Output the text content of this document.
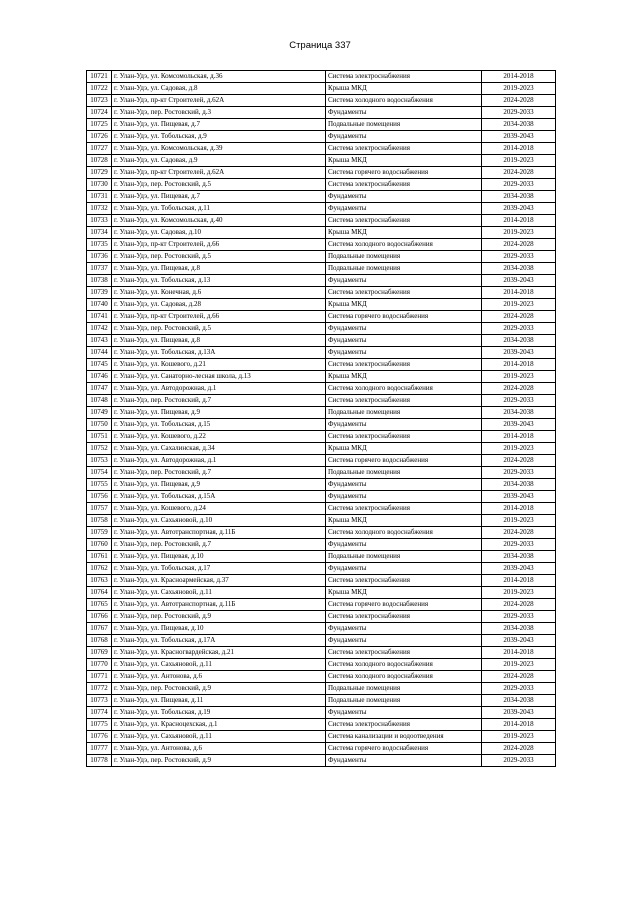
Страница 337
10721	г. Улан-Удэ, ул. Комсомольская, д.36	Система электроснабжения	2014-2018
10722	г. Улан-Удэ, ул. Садовая, д.8	Крыша МКД	2019-2023
10723	г. Улан-Удэ, пр-кт Строителей, д.62А	Система холодного водоснабжения	2024-2028
10724	г. Улан-Удэ, пер. Ростовский, д.3	Фундаменты	2029-2033
10725	г. Улан-Удэ, ул. Пищевая, д.7	Подвальные помещения	2034-2038
10726	г. Улан-Удэ, ул. Тобольская, д.9	Фундаменты	2039-2043
10727	г. Улан-Удэ, ул. Комсомольская, д.39	Система электроснабжения	2014-2018
10728	г. Улан-Удэ, ул. Садовая, д.9	Крыша МКД	2019-2023
10729	г. Улан-Удэ, пр-кт Строителей, д.62А	Система горячего водоснабжения	2024-2028
10730	г. Улан-Удэ, пер. Ростовский, д.5	Система электроснабжения	2029-2033
10731	г. Улан-Удэ, ул. Пищевая, д.7	Фундаменты	2034-2038
10732	г. Улан-Удэ, ул. Тобольская, д.11	Фундаменты	2039-2043
10733	г. Улан-Удэ, ул. Комсомольская, д.40	Система электроснабжения	2014-2018
10734	г. Улан-Удэ, ул. Садовая, д.10	Крыша МКД	2019-2023
10735	г. Улан-Удэ, пр-кт Строителей, д.66	Система холодного водоснабжения	2024-2028
10736	г. Улан-Удэ, пер. Ростовский, д.5	Подвальные помещения	2029-2033
10737	г. Улан-Удэ, ул. Пищевая, д.8	Подвальные помещения	2034-2038
10738	г. Улан-Удэ, ул. Тобольская, д.13	Фундаменты	2039-2043
10739	г. Улан-Удэ, ул. Конечная, д.6	Система электроснабжения	2014-2018
10740	г. Улан-Удэ, ул. Садовая, д.28	Крыша МКД	2019-2023
10741	г. Улан-Удэ, пр-кт Строителей, д.66	Система горячего водоснабжения	2024-2028
10742	г. Улан-Удэ, пер. Ростовский, д.5	Фундаменты	2029-2033
10743	г. Улан-Удэ, ул. Пищевая, д.8	Фундаменты	2034-2038
10744	г. Улан-Удэ, ул. Тобольская, д.13А	Фундаменты	2039-2043
10745	г. Улан-Удэ, ул. Кошевого, д.21	Система электроснабжения	2014-2018
10746	г. Улан-Удэ, ул. Санаторно-лесная школа, д.13	Крыша МКД	2019-2023
10747	г. Улан-Удэ, ул. Автодорожная, д.1	Система холодного водоснабжения	2024-2028
10748	г. Улан-Удэ, пер. Ростовский, д.7	Система электроснабжения	2029-2033
10749	г. Улан-Удэ, ул. Пищевая, д.9	Подвальные помещения	2034-2038
10750	г. Улан-Удэ, ул. Тобольская, д.15	Фундаменты	2039-2043
10751	г. Улан-Удэ, ул. Кошевого, д.22	Система электроснабжения	2014-2018
10752	г. Улан-Удэ, ул. Сахалинская, д.34	Крыша МКД	2019-2023
10753	г. Улан-Удэ, ул. Автодорожная, д.1	Система горячего водоснабжения	2024-2028
10754	г. Улан-Удэ, пер. Ростовский, д.7	Подвальные помещения	2029-2033
10755	г. Улан-Удэ, ул. Пищевая, д.9	Фундаменты	2034-2038
10756	г. Улан-Удэ, ул. Тобольская, д.15А	Фундаменты	2039-2043
10757	г. Улан-Удэ, ул. Кошевого, д.24	Система электроснабжения	2014-2018
10758	г. Улан-Удэ, ул. Сахьяновой, д.10	Крыша МКД	2019-2023
10759	г. Улан-Удэ, ул. Автотранспортная, д.11Б	Система холодного водоснабжения	2024-2028
10760	г. Улан-Удэ, пер. Ростовский, д.7	Фундаменты	2029-2033
10761	г. Улан-Удэ, ул. Пищевая, д.10	Подвальные помещения	2034-2038
10762	г. Улан-Удэ, ул. Тобольская, д.17	Фундаменты	2039-2043
10763	г. Улан-Удэ, ул. Красноармейская, д.37	Система электроснабжения	2014-2018
10764	г. Улан-Удэ, ул. Сахьяновой, д.11	Крыша МКД	2019-2023
10765	г. Улан-Удэ, ул. Автотранспортная, д.11Б	Система горячего водоснабжения	2024-2028
10766	г. Улан-Удэ, пер. Ростовский, д.9	Система электроснабжения	2029-2033
10767	г. Улан-Удэ, ул. Пищевая, д.10	Фундаменты	2034-2038
10768	г. Улан-Удэ, ул. Тобольская, д.17А	Фундаменты	2039-2043
10769	г. Улан-Удэ, ул. Красногвардейская, д.21	Система электроснабжения	2014-2018
10770	г. Улан-Удэ, ул. Сахьяновой, д.11	Система холодного водоснабжения	2019-2023
10771	г. Улан-Удэ, ул. Антонова, д.6	Система холодного водоснабжения	2024-2028
10772	г. Улан-Удэ, пер. Ростовский, д.9	Подвальные помещения	2029-2033
10773	г. Улан-Удэ, ул. Пищевая, д.11	Подвальные помещения	2034-2038
10774	г. Улан-Удэ, ул. Тобольская, д.19	Фундаменты	2039-2043
10775	г. Улан-Удэ, ул. Красноцехская, д.1	Система электроснабжения	2014-2018
10776	г. Улан-Удэ, ул. Сахьяновой, д.11	Система канализации и водоотведения	2019-2023
10777	г. Улан-Удэ, ул. Антонова, д.6	Система горячего водоснабжения	2024-2028
10778	г. Улан-Удэ, пер. Ростовский, д.9	Фундаменты	2029-2033
